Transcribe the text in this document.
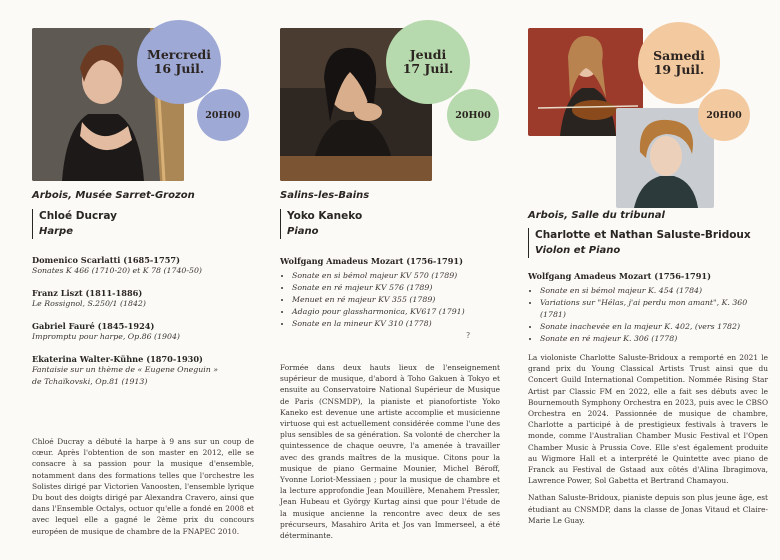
Mercredi
16 Juil.
20H00
Arbois, Musée Sarret-Grozon
Chloé Ducray
Harpe
Domenico Scarlatti (1685-1757)
Sonates K 466 (1710-20) et K 78 (1740-50)
Franz Liszt (1811-1886)
Le Rossignol, S.250/1 (1842)
Gabriel Fauré (1845-1924)
Impromptu pour harpe, Op.86 (1904)
Ekaterina Walter-Kühne (1870-1930)
Fantaisie sur un thème de « Eugene Oneguin »
de Tchaïkovski, Op.81 (1913)

Chloé Ducray a débuté la harpe à 9 ans sur un coup de cœur. Après l'obtention de son master en 2012, elle se consacre à sa passion pour la musique d'ensemble, notamment dans des formations telles que l'orchestre les Solistes dirigé par Victorien Vanoosten, l'ensemble lyrique Du bout des doigts dirigé par Alexandra Cravero, ainsi que dans l'Ensemble Octalys, octuor qu'elle a fondé en 2008 et avec lequel elle a gagné le 2ème prix du concours européen de musique de chambre de la FNAPEC 2010.

Jeudi
17 Juil.
20H00
Salins-les-Bains
Yoko Kaneko
Piano
Wolfgang Amadeus Mozart (1756-1791)
• Sonate en si bémol majeur KV 570 (1789)
• Sonate en ré majeur KV 576 (1789)
• Menuet en ré majeur KV 355 (1789)
• Adagio pour glassharmonica, KV617 (1791)
• Sonate en la mineur KV 310 (1778)
?

Formée dans deux hauts lieux de l'enseignement supérieur de musique, d'abord à Toho Gakuen à Tokyo et ensuite au Conservatoire National Supérieur de Musique de Paris (CNSMDP), la pianiste et pianofortiste Yoko Kaneko est devenue une artiste accomplie et musicienne virtuose qui est actuellement considérée comme l'une des plus sensibles de sa génération. Sa volonté de chercher la quintessence de chaque oeuvre, l'a amenée à travailler avec des grands maîtres de la musique. Citons pour la musique de piano Germaine Mounier, Michel Béroff, Yvonne Loriot-Messiaen ; pour la musique de chambre et la lecture approfondie Jean Mouillère, Menahem Pressler, Jean Hubeau et György Kurtag ainsi que pour l'étude de la musique ancienne la rencontre avec deux de ses précurseurs, Masahiro Arita et Jos van Immerseel, a été déterminante.

Samedi
19 Juil.
20H00
Arbois, Salle du tribunal
Charlotte et Nathan Saluste-Bridoux
Violon et Piano
Wolfgang Amadeus Mozart (1756-1791)
• Sonate en si bémol majeur K. 454 (1784)
• Variations sur "Hélas, j'ai perdu mon amant", K. 360 (1781)
• Sonate inachevée en la majeur K. 402, (vers 1782)
• Sonate en ré majeur K. 306 (1778)

La violoniste Charlotte Saluste-Bridoux a remporté en 2021 le grand prix du Young Classical Artists Trust ainsi que du Concert Guild International Competition. Nommée Rising Star Artist par Classic FM en 2022, elle a fait ses débuts avec le Bournemouth Symphony Orchestra en 2023, puis avec le CBSO Orchestra en 2024. Passionnée de musique de chambre, Charlotte a participé à de prestigieux festivals à travers le monde, comme l'Australian Chamber Music Festival et l'Open Chamber Music à Prussia Cove. Elle s'est également produite au Wigmore Hall et a interprété le Quintette avec piano de Franck au Festival de Gstaad aux côtés d'Alina Ibragimova, Lawrence Power, Sol Gabetta et Bertrand Chamayou.

Nathan Saluste-Bridoux, pianiste depuis son plus jeune âge, est étudiant au CNSMDP, dans la classe de Jonas Vitaud et Claire-Marie Le Guay.
